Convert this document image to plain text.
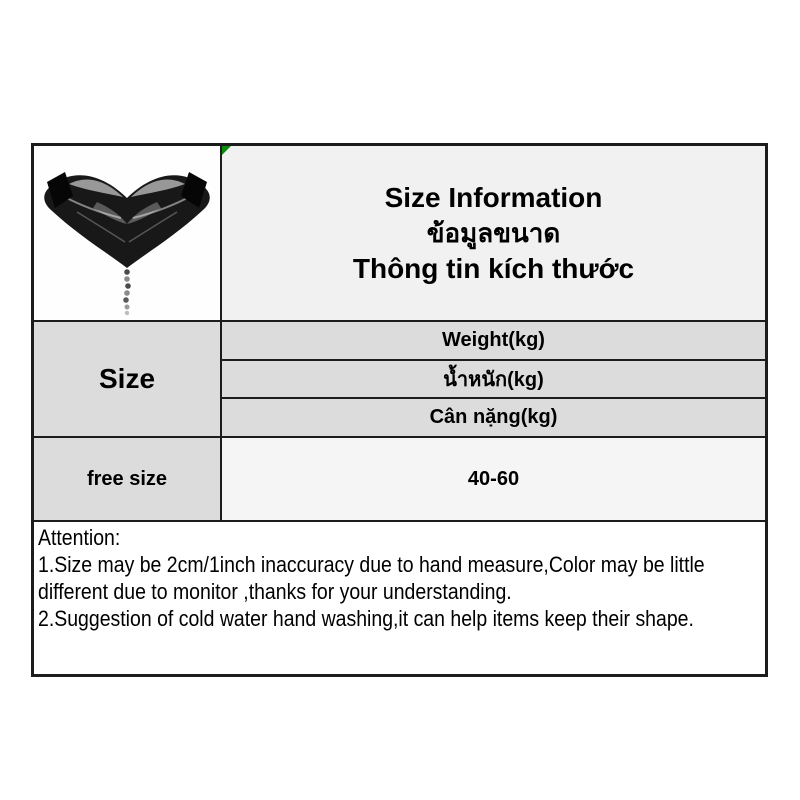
Size Information
ข้อมูลขนาด
Thông tin kích thước
Size
Weight(kg)
น้ำหนัก(kg)
Cân nặng(kg)
free size	40-60
Attention:
1.Size may be 2cm/1inch inaccuracy due to hand measure,Color may be little different due to monitor ,thanks for your understanding.
2.Suggestion of cold water hand washing,it can help items keep their shape.
